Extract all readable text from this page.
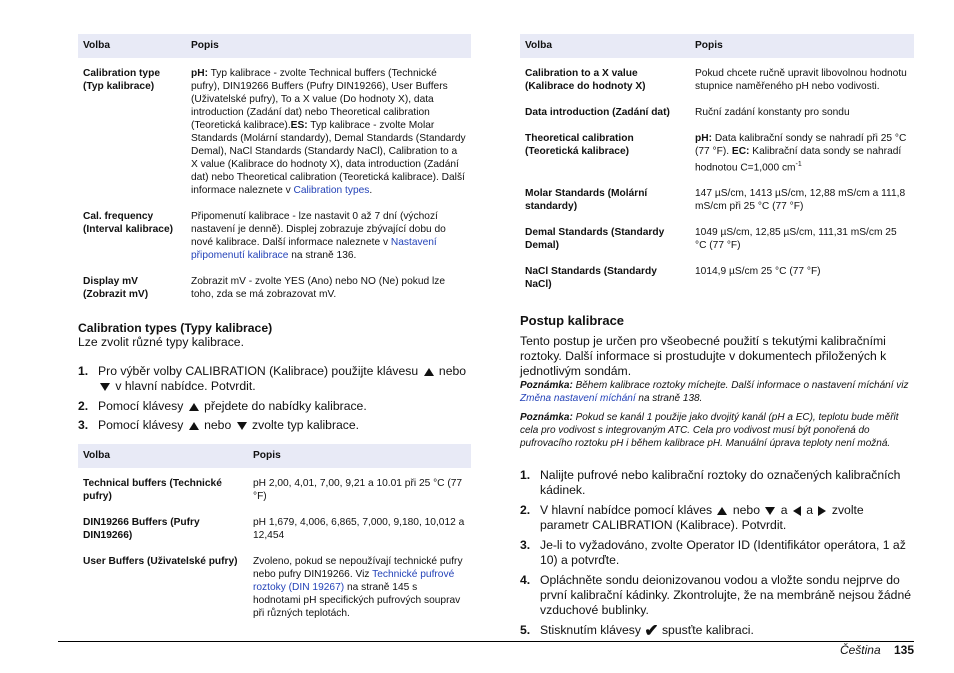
Volba	Popis
Calibration type (Typ kalibrace)	pH: Typ kalibrace - zvolte Technical buffers (Technické pufry), DIN19266 Buffers (Pufry DIN19266), User Buffers (Uživatelské pufry), To a X value (Do hodnoty X), data introduction (Zadání dat) nebo Theoretical calibration (Teoretická kalibrace).ES: Typ kalibrace - zvolte Molar Standards (Molární standardy), Demal Standards (Standardy Demal), NaCl Standards (Standardy NaCl), Calibration to a X value (Kalibrace do hodnoty X), data introduction (Zadání dat) nebo Theoretical calibration (Teoretická kalibrace). Další informace naleznete v Calibration types.
Cal. frequency (Interval kalibrace)	Připomenutí kalibrace - lze nastavit 0 až 7 dní (výchozí nastavení je denně). Displej zobrazuje zbývající dobu do nové kalibrace. Další informace naleznete v Nastavení připomenutí kalibrace na straně 136.
Display mV (Zobrazit mV)	Zobrazit mV - zvolte YES (Ano) nebo NO (Ne) pokud lze toho, zda se má zobrazovat mV.

Calibration types (Typy kalibrace)

Lze zvolit různé typy kalibrace.

1. Pro výběr volby CALIBRATION (Kalibrace) použijte klávesu  nebo
v hlavní nabídce. Potvrdit.
2. Pomocí klávesy  přejdete do nabídky kalibrace.
3. Pomocí klávesy  nebo  zvolte typ kalibrace.
Volba	Popis
Technical buffers (Technické pufry)	pH 2,00, 4,01, 7,00, 9,21 a 10.01 při 25 °C (77 °F)
DIN19266 Buffers (Pufry DIN19266)	pH 1,679, 4,006, 6,865, 7,000, 9,180, 10,012 a 12,454
User Buffers (Uživatelské pufry)	Zvoleno, pokud se nepoužívají technické pufry nebo pufry DIN19266. Viz Technické pufrové roztoky (DIN 19267) na straně 145 s hodnotami pH specifických pufrových souprav při různých teplotách.
Volba	Popis
Calibration to a X value (Kalibrace do hodnoty X)	Pokud chcete ručně upravit libovolnou hodnotu stupnice naměřeného pH nebo vodivosti.
Data introduction (Zadání dat)	Ruční zadání konstanty pro sondu
Theoretical calibration (Teoretická kalibrace)	pH: Data kalibrační sondy se nahradí při 25 °C (77 °F). EC: Kalibrační data sondy se nahradí hodnotou C=1,000 $cm^{-1}$
Molar Standards (Molární standardy)	147 µS/cm, 1413 µS/cm, 12,88 mS/cm a 111,8 mS/cm při 25 °C (77 °F)
Demal Standards (Standardy Demal)	1049 µS/cm, 12,85 µS/cm, 111,31 mS/cm 25 °C (77 °F)
NaCl Standards (Standardy NaCl)	1014,9 µS/cm 25 °C (77 °F)

Postup kalibrace

Tento postup je určen pro všeobecné použití s tekutými kalibračními roztoky. Další informace si prostudujte v dokumentech přiložených k jednotlivým sondám.

Poznámka: Během kalibrace roztoky míchejte. Další informace o nastavení míchání viz Změna nastavení míchání na straně 138.

Poznámka: Pokud se kanál 1 použije jako dvojitý kanál (pH a EC), teplotu bude měřit cela pro vodivost s integrovaným ATC. Cela pro vodivost musí být ponořená do pufrovacího roztoku pH i během kalibrace pH. Manuální úprava teploty není možná.

1. Nalijte pufrové nebo kalibrační roztoky do označených kalibračních kádinek.
2. V hlavní nabídce pomocí kláves  nebo  a  a  zvolte parametr CALIBRATION (Kalibrace). Potvrdit.
3. Je-li to vyžadováno, zvolte Operator ID (Identifikátor operátora, 1 až 10) a potvrďte.
4. Opláchněte sondu deionizovanou vodou a vložte sondu nejprve do první kalibrační kádinky. Zkontrolujte, že na membráně nejsou žádné vzduchové bublinky.
5. Stisknutím klávesy ✔ spusťte kalibraci.
Čeština 135
